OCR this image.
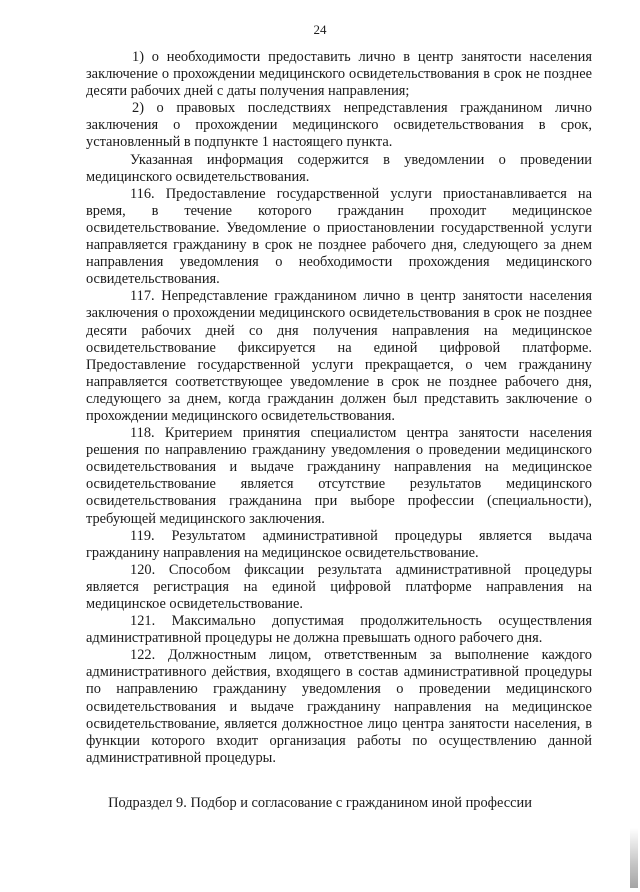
24

1) о необходимости предоставить лично в центр занятости населения заключение о прохождении медицинского освидетельствования в срок не позднее десяти рабочих дней с даты получения направления;

2) о правовых последствиях непредставления гражданином лично заключения о прохождении медицинского освидетельствования в срок, установленный в подпункте 1 настоящего пункта.

Указанная информация содержится в уведомлении о проведении медицинского освидетельствования.

116. Предоставление государственной услуги приостанавливается на время, в течение которого гражданин проходит медицинское освидетельствование. Уведомление о приостановлении государственной услуги направляется гражданину в срок не позднее рабочего дня, следующего за днем направления уведомления о необходимости прохождения медицинского освидетельствования.

117. Непредставление гражданином лично в центр занятости населения заключения о прохождении медицинского освидетельствования в срок не позднее десяти рабочих дней со дня получения направления на медицинское освидетельствование фиксируется на единой цифровой платформе. Предоставление государственной услуги прекращается, о чем гражданину направляется соответствующее уведомление в срок не позднее рабочего дня, следующего за днем, когда гражданин должен был представить заключение о прохождении медицинского освидетельствования.

118. Критерием принятия специалистом центра занятости населения решения по направлению гражданину уведомления о проведении медицинского освидетельствования и выдаче гражданину направления на медицинское освидетельствование является отсутствие результатов медицинского освидетельствования гражданина при выборе профессии (специальности), требующей медицинского заключения.

119. Результатом административной процедуры является выдача гражданину направления на медицинское освидетельствование.

120. Способом фиксации результата административной процедуры является регистрация на единой цифровой платформе направления на медицинское освидетельствование.

121. Максимально допустимая продолжительность осуществления административной процедуры не должна превышать одного рабочего дня.

122. Должностным лицом, ответственным за выполнение каждого административного действия, входящего в состав административной процедуры по направлению гражданину уведомления о проведении медицинского освидетельствования и выдаче гражданину направления на медицинское освидетельствование, является должностное лицо центра занятости населения, в функции которого входит организация работы по осуществлению данной административной процедуры.

Подраздел 9. Подбор и согласование с гражданином иной профессии
